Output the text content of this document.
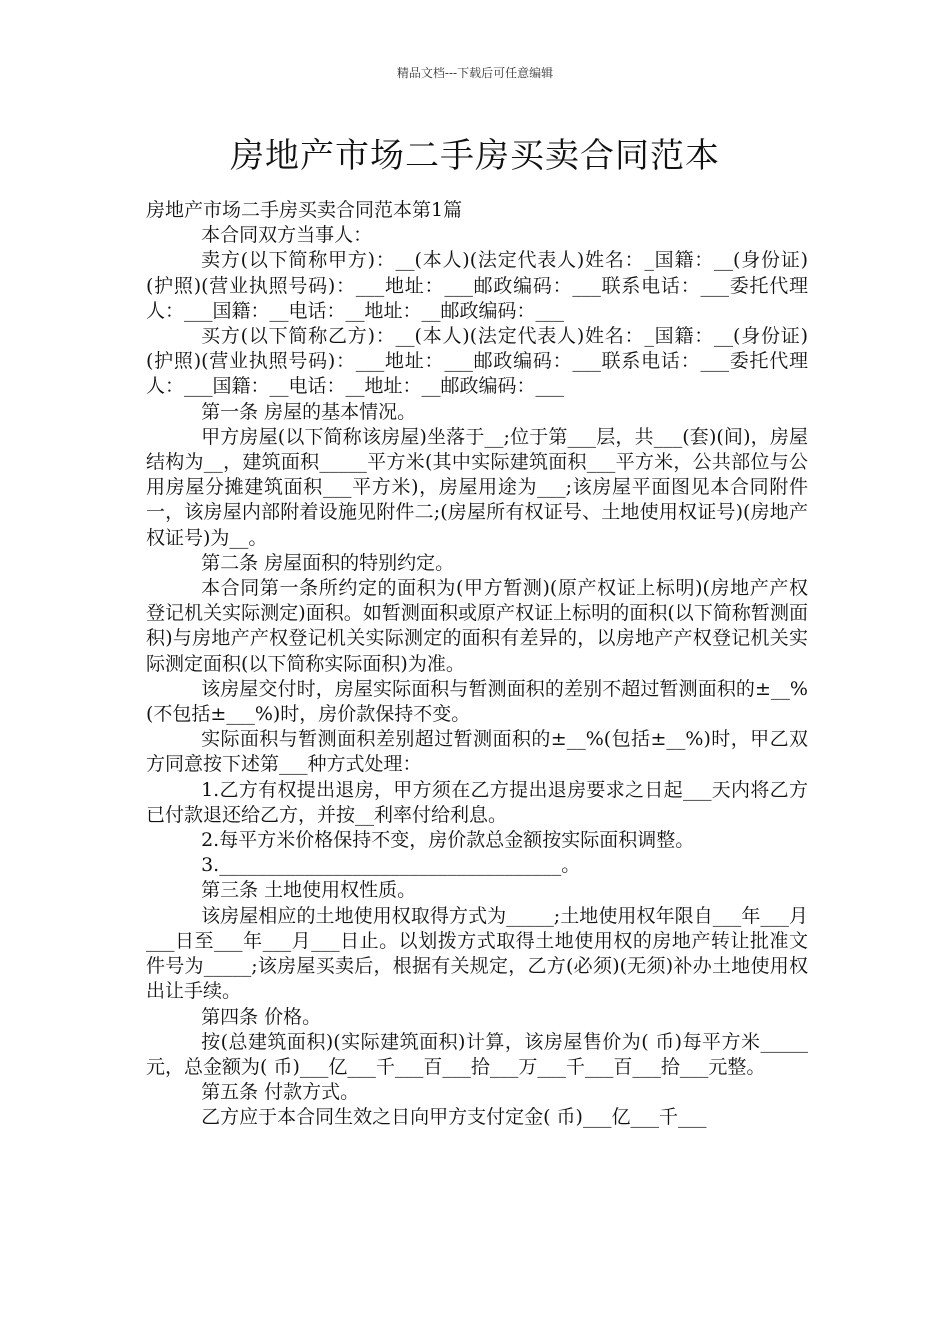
精品文档---下载后可任意编辑
房地产市场二手房买卖合同范本

房地产市场二手房买卖合同范本第1篇

本合同双方当事人：

卖方(以下简称甲方)：__(本人)(法定代表人)姓名：_国籍：__(身份证)(护照)(营业执照号码)：___地址：___邮政编码：___联系电话：___委托代理人：___国籍：__电话：__地址：__邮政编码：___

买方(以下简称乙方)：__(本人)(法定代表人)姓名：_国籍：__(身份证)(护照)(营业执照号码)：___地址：___邮政编码：___联系电话：___委托代理人：___国籍：__电话：__地址：__邮政编码：___

第一条 房屋的基本情况。

甲方房屋(以下简称该房屋)坐落于__;位于第___层，共___(套)(间)，房屋结构为__，建筑面积_____平方米(其中实际建筑面积___平方米，公共部位与公用房屋分摊建筑面积___平方米)，房屋用途为___;该房屋平面图见本合同附件一，该房屋内部附着设施见附件二;(房屋所有权证号、土地使用权证号)(房地产权证号)为__。

第二条 房屋面积的特别约定。

本合同第一条所约定的面积为(甲方暂测)(原产权证上标明)(房地产产权登记机关实际测定)面积。如暂测面积或原产权证上标明的面积(以下简称暂测面积)与房地产产权登记机关实际测定的面积有差异的，以房地产产权登记机关实际测定面积(以下简称实际面积)为准。

该房屋交付时，房屋实际面积与暂测面积的差别不超过暂测面积的±__%(不包括±___%)时，房价款保持不变。

实际面积与暂测面积差别超过暂测面积的±__%(包括±__%)时，甲乙双方同意按下述第___种方式处理：

1.乙方有权提出退房，甲方须在乙方提出退房要求之日起___天内将乙方已付款退还给乙方，并按__利率付给利息。

2.每平方米价格保持不变，房价款总金额按实际面积调整。

3.____________________________________。

第三条 土地使用权性质。

该房屋相应的土地使用权取得方式为_____;土地使用权年限自___年___月___日至___年___月___日止。以划拨方式取得土地使用权的房地产转让批准文件号为_____;该房屋买卖后，根据有关规定，乙方(必须)(无须)补办土地使用权出让手续。

第四条 价格。

按(总建筑面积)(实际建筑面积)计算，该房屋售价为( 币)每平方米_____元，总金额为( 币)___亿___千___百___拾___万___千___百___拾___元整。

第五条 付款方式。

乙方应于本合同生效之日向甲方支付定金( 币)___亿___千___
